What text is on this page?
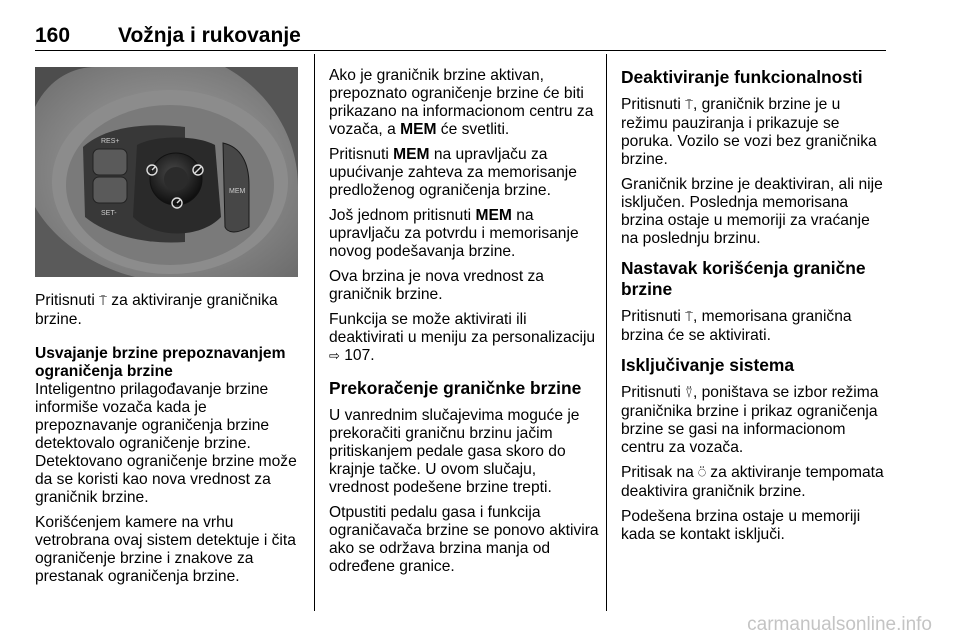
160 Vožnja i rukovanje
RES+
SET-
MEM

Pritisnuti ⍑ za aktiviranje graničnika brzine.

Usvajanje brzine prepoznavanjem ograničenja brzine

Inteligentno prilagođavanje brzine informiše vozača kada je prepoznavanje ograničenja brzine detektovalo ograničenje brzine. Detektovano ograničenje brzine može da se koristi kao nova vrednost za graničnik brzine.

Korišćenjem kamere na vrhu vetrobrana ovaj sistem detektuje i čita ograničenje brzine i znakove za prestanak ograničenja brzine.

Ako je graničnik brzine aktivan, prepoznato ograničenje brzine će biti prikazano na informacionom centru za vozača, a MEM će svetliti.

Pritisnuti MEM na upravljaču za upućivanje zahteva za memorisanje predloženog ograničenja brzine.

Još jednom pritisnuti MEM na upravljaču za potvrdu i memorisanje novog podešavanja brzine.

Ova brzina je nova vrednost za graničnik brzine.

Funkcija se može aktivirati ili deaktivirati u meniju za personalizaciju ⇨ 107.

Prekoračenje graničnke brzine

U vanrednim slučajevima moguće je prekoračiti graničnu brzinu jačim pritiskanjem pedale gasa skoro do krajnje tačke. U ovom slučaju, vrednost podešene brzine trepti.

Otpustiti pedalu gasa i funkcija ograničavača brzine se ponovo aktivira ako se održava brzina manja od određene granice.

Deaktiviranje funkcionalnosti

Pritisnuti ⍑, graničnik brzine je u režimu pauziranja i prikazuje se poruka. Vozilo se vozi bez graničnika brzine.

Graničnik brzine je deaktiviran, ali nije isključen. Poslednja memorisana brzina ostaje u memoriji za vraćanje na poslednju brzinu.

Nastavak korišćenja granične brzine

Pritisnuti ⍑, memorisana granična brzina će se aktivirati.

Isključivanje sistema

Pritisnuti ⍢, poništava se izbor režima graničnika brzine i prikaz ograničenja brzine se gasi na informacionom centru za vozača.

Pritisak na ⍥ za aktiviranje tempomata deaktivira graničnik brzine.

Podešena brzina ostaje u memoriji kada se kontakt isključi.

carmanualsonline.info
